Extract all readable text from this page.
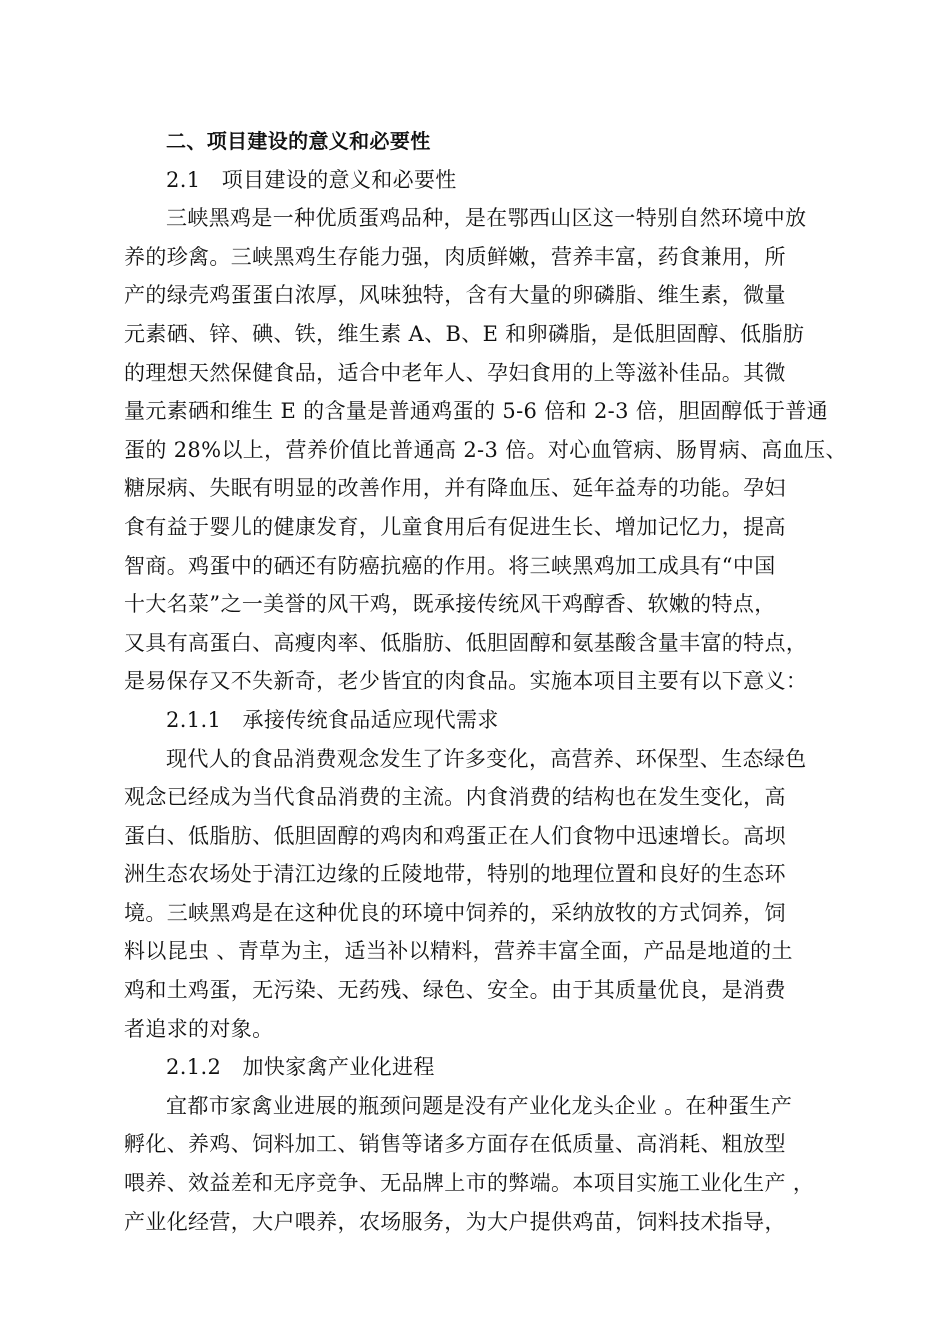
二、项目建设的意义和必要性
2.1　项目建设的意义和必要性
三峡黑鸡是一种优质蛋鸡品种，是在鄂西山区这一特别自然环境中放
养的珍禽。三峡黑鸡生存能力强，肉质鲜嫩，营养丰富，药食兼用，所
产的绿壳鸡蛋蛋白浓厚，风味独特，含有大量的卵磷脂、维生素，微量
元素硒、锌、碘、铁，维生素 A、B、E 和卵磷脂，是低胆固醇、低脂肪
的理想天然保健食品，适合中老年人、孕妇食用的上等滋补佳品。其微
量元素硒和维生 E 的含量是普通鸡蛋的 5-6 倍和 2-3 倍，胆固醇低于普通
蛋的 28%以上，营养价值比普通高 2-3 倍。对心血管病、肠胃病、高血压、
糖尿病、失眠有明显的改善作用，并有降血压、延年益寿的功能。孕妇
食有益于婴儿的健康发育，儿童食用后有促进生长、增加记忆力，提高
智商。鸡蛋中的硒还有防癌抗癌的作用。将三峡黑鸡加工成具有“中国
十大名菜”之一美誉的风干鸡，既承接传统风干鸡醇香、软嫩的特点，
又具有高蛋白、高瘦肉率、低脂肪、低胆固醇和氨基酸含量丰富的特点，
是易保存又不失新奇，老少皆宜的肉食品。实施本项目主要有以下意义：
2.1.1　承接传统食品适应现代需求
现代人的食品消费观念发生了许多变化，高营养、环保型、生态绿色
观念已经成为当代食品消费的主流。内食消费的结构也在发生变化，高
蛋白、低脂肪、低胆固醇的鸡肉和鸡蛋正在人们食物中迅速增长。高坝
洲生态农场处于清江边缘的丘陵地带，特别的地理位置和良好的生态环
境。三峡黑鸡是在这种优良的环境中饲养的，采纳放牧的方式饲养，饲
料以昆虫 、青草为主，适当补以精料，营养丰富全面，产品是地道的土
鸡和土鸡蛋，无污染、无药残、绿色、安全。由于其质量优良，是消费
者追求的对象。
2.1.2　加快家禽产业化进程
宜都市家禽业进展的瓶颈问题是没有产业化龙头企业 。在种蛋生产
孵化、养鸡、饲料加工、销售等诸多方面存在低质量、高消耗、粗放型
喂养、效益差和无序竞争、无品牌上市的弊端。本项目实施工业化生产 ，
产业化经营，大户喂养，农场服务，为大户提供鸡苗，饲料技术指导，
